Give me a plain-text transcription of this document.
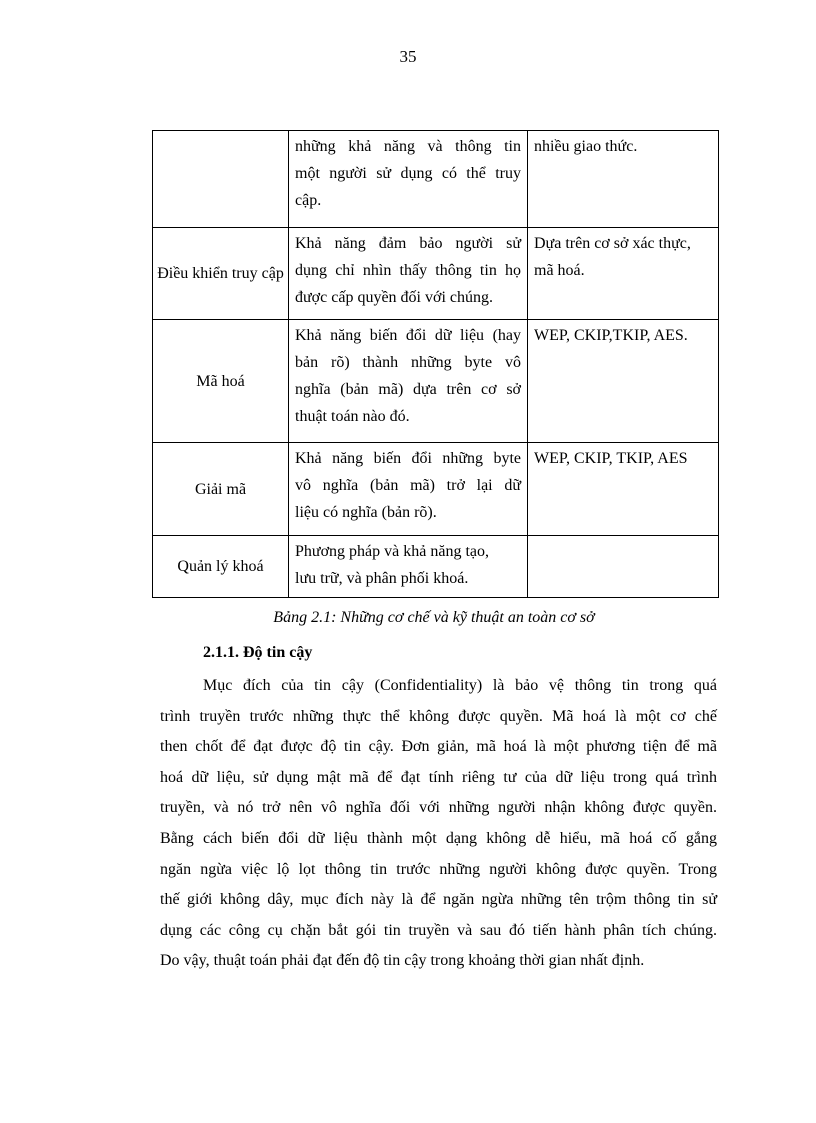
35

	những khả năng và thông tin
một người sử dụng có thể truy
cập.	nhiều giao thức.

Điều khiển truy cập	Khả năng đảm bảo người sử
dụng chỉ nhìn thấy thông tin họ
được cấp quyền đối với chúng.	Dựa trên cơ sở xác thực,
mã hoá.

Mã hoá	Khả năng biến đổi dữ liệu (hay
bản rõ) thành những byte vô
nghĩa (bản mã) dựa trên cơ sở
thuật toán nào đó.	WEP, CKIP,TKIP, AES.

Giải mã	Khả năng biến đổi những byte
vô nghĩa (bản mã) trở lại dữ
liệu có nghĩa (bản rõ).	WEP, CKIP, TKIP, AES

Quản lý khoá	Phương pháp và khả năng tạo,
lưu trữ, và phân phối khoá.	

Bảng 2.1: Những cơ chế và kỹ thuật an toàn cơ sở
2.1.1. Độ tin cậy

Mục đích của tin cậy (Confidentiality) là bảo vệ thông tin trong quá
trình truyền trước những thực thể không được quyền. Mã hoá là một cơ chế
then chốt để đạt được độ tin cậy. Đơn giản, mã hoá là một phương tiện để mã
hoá dữ liệu, sử dụng mật mã để đạt tính riêng tư của dữ liệu trong quá trình
truyền, và nó trở nên vô nghĩa đối với những người nhận không được quyền.
Bằng cách biến đổi dữ liệu thành một dạng không dễ hiểu, mã hoá cố gắng
ngăn ngừa việc lộ lọt thông tin trước những người không được quyền. Trong
thế giới không dây, mục đích này là để ngăn ngừa những tên trộm thông tin sử
dụng các công cụ chặn bắt gói tin truyền và sau đó tiến hành phân tích chúng.
Do vậy, thuật toán phải đạt đến độ tin cậy trong khoảng thời gian nhất định.
